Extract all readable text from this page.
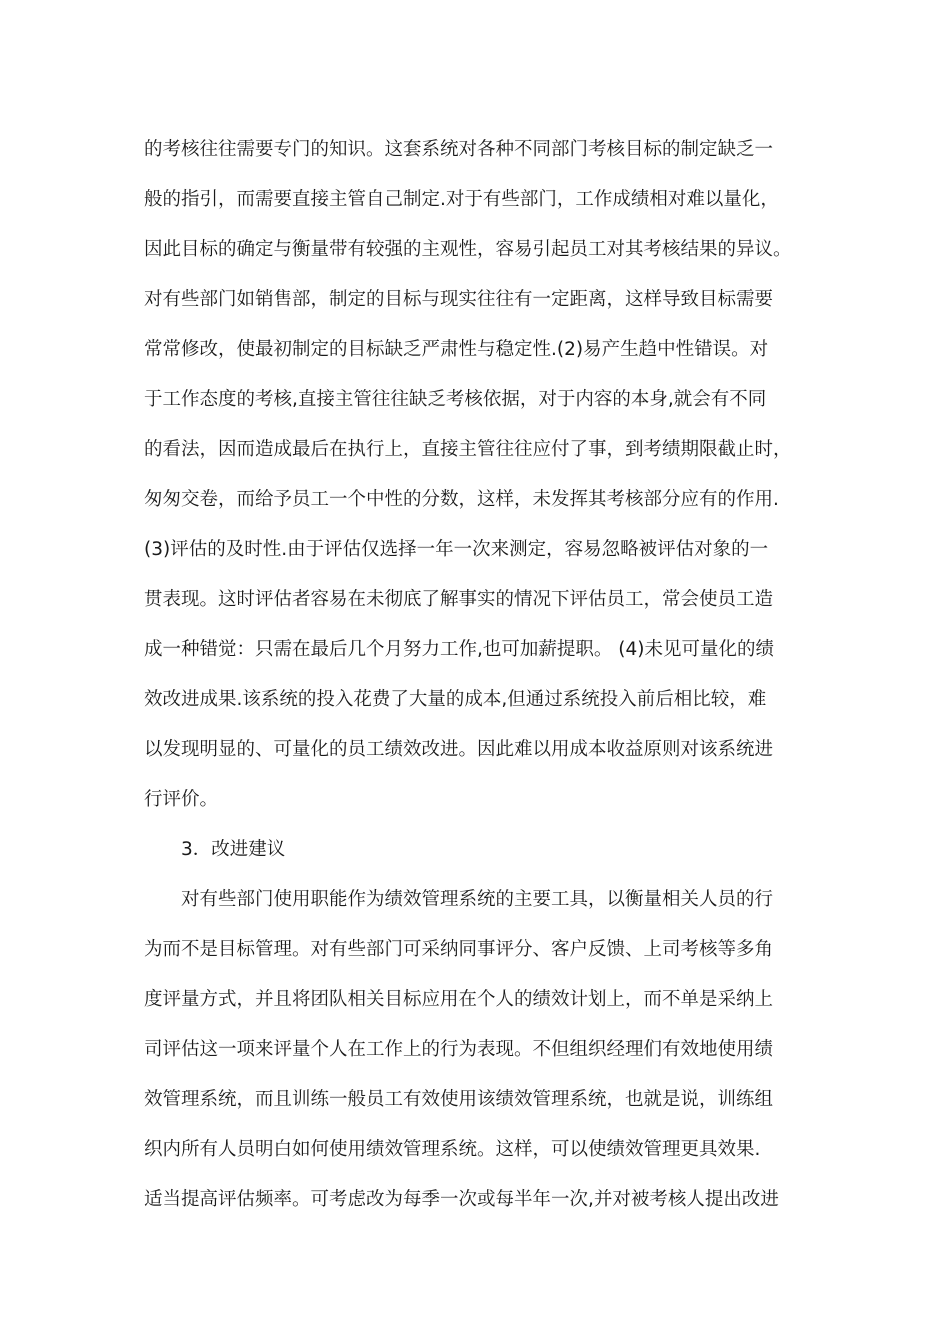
的考核往往需要专门的知识。这套系统对各种不同部门考核目标的制定缺乏一
般的指引，而需要直接主管自己制定.对于有些部门，工作成绩相对难以量化，
因此目标的确定与衡量带有较强的主观性，容易引起员工对其考核结果的异议。
对有些部门如销售部，制定的目标与现实往往有一定距离，这样导致目标需要
常常修改，使最初制定的目标缺乏严肃性与稳定性.(2)易产生趋中性错误。对
于工作态度的考核,直接主管往往缺乏考核依据，对于内容的本身,就会有不同
的看法，因而造成最后在执行上，直接主管往往应付了事，到考绩期限截止时，
匆匆交卷，而给予员工一个中性的分数，这样，未发挥其考核部分应有的作用.
(3)评估的及时性.由于评估仅选择一年一次来测定，容易忽略被评估对象的一
贯表现。这时评估者容易在未彻底了解事实的情况下评估员工，常会使员工造
成一种错觉：只需在最后几个月努力工作,也可加薪提职。 (4)未见可量化的绩
效改进成果.该系统的投入花费了大量的成本,但通过系统投入前后相比较，难
以发现明显的、可量化的员工绩效改进。因此难以用成本收益原则对该系统进
行评价。
3．改进建议
对有些部门使用职能作为绩效管理系统的主要工具，以衡量相关人员的行
为而不是目标管理。对有些部门可采纳同事评分、客户反馈、上司考核等多角
度评量方式，并且将团队相关目标应用在个人的绩效计划上，而不单是采纳上
司评估这一项来评量个人在工作上的行为表现。不但组织经理们有效地使用绩
效管理系统，而且训练一般员工有效使用该绩效管理系统，也就是说，训练组
织内所有人员明白如何使用绩效管理系统。这样，可以使绩效管理更具效果.
适当提高评估频率。可考虑改为每季一次或每半年一次,并对被考核人提出改进
